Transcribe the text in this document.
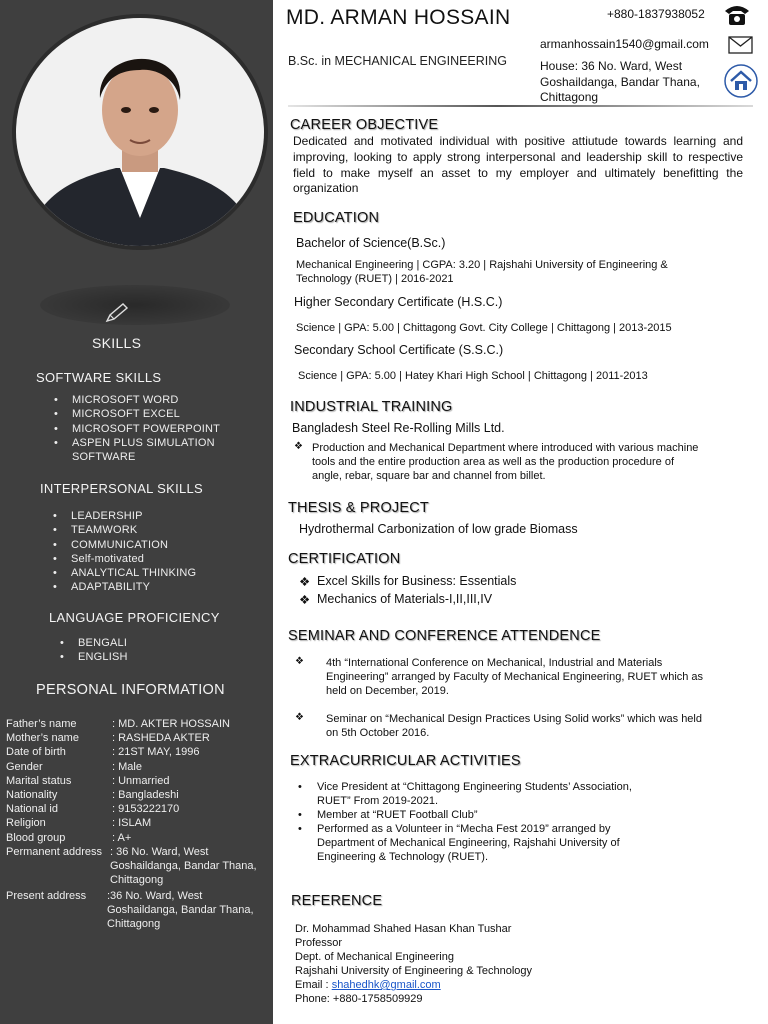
SKILLS
SOFTWARE SKILLS
• MICROSOFT WORD
• MICROSOFT EXCEL
• MICROSOFT POWERPOINT
• ASPEN PLUS SIMULATION SOFTWARE
INTERPERSONAL SKILLS
• LEADERSHIP
• TEAMWORK
• COMMUNICATION
• Self-motivated
• ANALYTICAL THINKING
• ADAPTABILITY
LANGUAGE PROFICIENCY
• BENGALI
• ENGLISH
PERSONAL INFORMATION
Father’s name	: MD. AKTER HOSSAIN
Mother’s name	: RASHEDA AKTER
Date of birth	: 21ST MAY, 1996
Gender	: Male
Marital status	: Unmarried
Nationality	: Bangladeshi
National id	: 9153222170
Religion	: ISLAM
Blood group	: A+
Permanent address : 36 No. Ward, West Goshaildanga, Bandar Thana, Chittagong
Present address :36 No. Ward, West Goshaildanga, Bandar Thana, Chittagong
MD. ARMAN HOSSAIN
B.Sc. in MECHANICAL ENGINEERING
+880-1837938052
armanhossain1540@gmail.com
House: 36 No. Ward, West Goshaildanga, Bandar Thana, Chittagong
CAREER OBJECTIVE
Dedicated and motivated individual with positive attiutude towards learning and improving, looking to apply strong interpersonal and leadership skill to respective field to make myself an asset to my employer and ultimately benefitting the organization
EDUCATION
Bachelor of Science(B.Sc.)
Mechanical Engineering | CGPA: 3.20 | Rajshahi University of Engineering & Technology (RUET) | 2016-2021
Higher Secondary Certificate (H.S.C.)
Science | GPA: 5.00 | Chittagong Govt. City College | Chittagong | 2013-2015
Secondary School Certificate (S.S.C.)
Science | GPA: 5.00 | Hatey Khari High School | Chittagong | 2011-2013
INDUSTRIAL TRAINING
Bangladesh Steel Re-Rolling Mills Ltd.
❖ Production and Mechanical Department where introduced with various machine tools and the entire production area as well as the production procedure of angle, rebar, square bar and channel from billet.
THESIS & PROJECT
Hydrothermal Carbonization of low grade Biomass
CERTIFICATION
❖ Excel Skills for Business: Essentials
❖ Mechanics of Materials-I,II,III,IV
SEMINAR AND CONFERENCE ATTENDENCE
❖ 4th “International Conference on Mechanical, Industrial and Materials Engineering” arranged by Faculty of Mechanical Engineering, RUET which as held on December, 2019.
❖ Seminar on “Mechanical Design Practices Using Solid works” which was held on 5th October 2016.
EXTRACURRICULAR ACTIVITIES
• Vice President at “Chittagong Engineering Students’ Association, RUET” From 2019-2021.
• Member at “RUET Football Club”
• Performed as a Volunteer in “Mecha Fest 2019” arranged by Department of Mechanical Engineering, Rajshahi University of Engineering & Technology (RUET).
REFERENCE
Dr. Mohammad Shahed Hasan Khan Tushar
Professor
Dept. of Mechanical Engineering
Rajshahi University of Engineering & Technology
Email : shahedhk@gmail.com
Phone: +880-1758509929
